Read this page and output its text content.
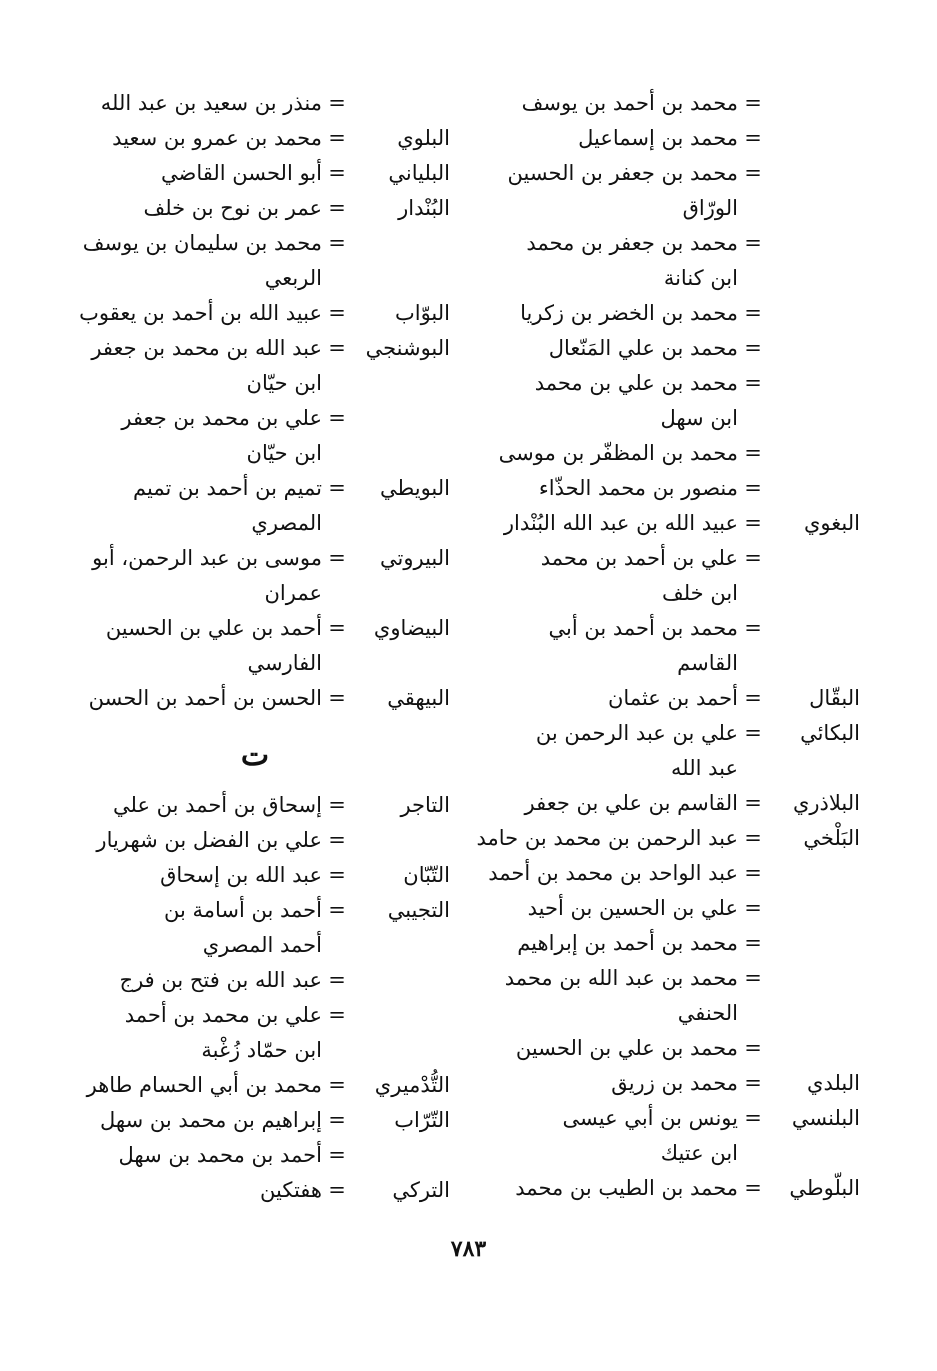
=
محمد بن أحمد بن يوسف
=
محمد بن إسماعيل
=
محمد بن جعفر بن الحسين
الورّاق
=
محمد بن جعفر بن محمد
ابن كنانة
=
محمد بن الخضر بن زكريا
=
محمد بن علي المَنّعال
=
محمد بن علي بن محمد
ابن سهل
=
محمد بن المظفّر بن موسى
=
منصور بن محمد الحذّاء
البغوي
=
عبيد الله بن عبد الله البُنْدار
=
علي بن أحمد بن محمد
ابن خلف
=
محمد بن أحمد بن أبي
القاسم
البقّال
=
أحمد بن عثمان
البكائي
=
علي بن عبد الرحمن بن
عبد الله
البلاذري
=
القاسم بن علي بن جعفر
البَلْخي
=
عبد الرحمن بن محمد بن حامد
=
عبد الواحد بن محمد بن أحمد
=
علي بن الحسين بن أحيد
=
محمد بن أحمد بن إبراهيم
=
محمد بن عبد الله بن محمد
الحنفي
=
محمد بن علي بن الحسين
البلدي
=
محمد بن زريق
البلنسي
=
يونس بن أبي عيسى
ابن عتيك
البلّوطي
=
محمد بن الطيب بن محمد
=
منذر بن سعيد بن عبد الله
البلوي
=
محمد بن عمرو بن سعيد
البلياني
=
أبو الحسن القاضي
البُنْدار
=
عمر بن نوح بن خلف
=
محمد بن سليمان بن يوسف
الربعي
البوّاب
=
عبيد الله بن أحمد بن يعقوب
البوشنجي
=
عبد الله بن محمد بن جعفر
ابن حيّان
=
علي بن محمد بن جعفر
ابن حيّان
البويطي
=
تميم بن أحمد بن تميم
المصري
البيروتي
=
موسى بن عبد الرحمن، أبو
عمران
البيضاوي
=
أحمد بن علي بن الحسين
الفارسي
البيهقي
=
الحسن بن أحمد بن الحسن
ت
التاجر
=
إسحاق بن أحمد بن علي
=
علي بن الفضل بن شهريار
التّبّان
=
عبد الله بن إسحاق
التجيبي
=
أحمد بن أسامة بن
أحمد المصري
=
عبد الله بن فتح بن فرج
=
علي بن محمد بن أحمد
ابن حمّاد زُغْبة
التُّدْميري
=
محمد بن أبي الحسام طاهر
التّرّاب
=
إبراهيم بن محمد بن سهل
=
أحمد بن محمد بن سهل
التركي
=
هفتكين
٧٨٣
